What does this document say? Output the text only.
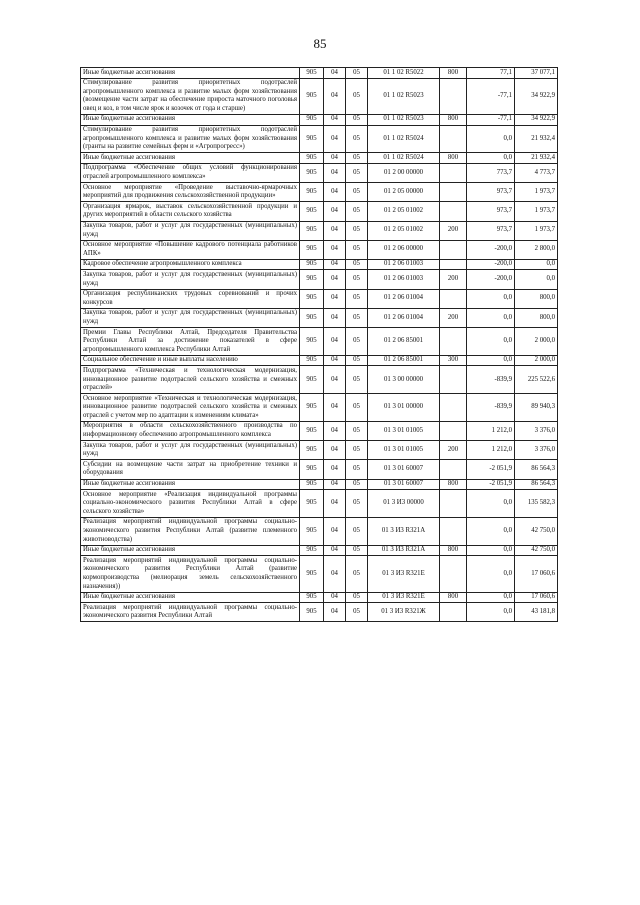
85
Иные бюджетные ассигнования	905	04	05	01 1 02 R5022	800	77,1	37 077,1
Стимулирование развития приоритетных подотраслей агропромышленного комплекса и развитие малых форм хозяйствования (возмещение части затрат на обеспечение прироста маточного поголовья овец и коз, в том числе ярок и козочек от года и старше)	905	04	05	01 1 02 R5023		-77,1	34 922,9
Иные бюджетные ассигнования	905	04	05	01 1 02 R5023	800	-77,1	34 922,9
Стимулирование развития приоритетных подотраслей агропромышленного комплекса и развитие малых форм хозяйствования (гранты на развитие семейных ферм и «Агропрогресс»)	905	04	05	01 1 02 R5024		0,0	21 932,4
Иные бюджетные ассигнования	905	04	05	01 1 02 R5024	800	0,0	21 932,4
Подпрограмма «Обеспечение общих условий функционирования отраслей агропромышленного комплекса»	905	04	05	01 2 00 00000		773,7	4 773,7
Основное мероприятие «Проведение выставочно-ярмарочных мероприятий для продвижения сельскохозяйственной продукции»	905	04	05	01 2 05 00000		973,7	1 973,7
Организация ярмарок, выставок сельскохозяйственной продукции и других мероприятий в области сельского хозяйства	905	04	05	01 2 05 01002		973,7	1 973,7
Закупка товаров, работ и услуг для государственных (муниципальных) нужд	905	04	05	01 2 05 01002	200	973,7	1 973,7
Основное мероприятие «Повышение кадрового потенциала работников АПК»	905	04	05	01 2 06 00000		-200,0	2 800,0
Кадровое обеспечение агропромышленного комплекса	905	04	05	01 2 06 01003		-200,0	0,0
Закупка товаров, работ и услуг для государственных (муниципальных) нужд	905	04	05	01 2 06 01003	200	-200,0	0,0
Организация республиканских трудовых соревнований и прочих конкурсов	905	04	05	01 2 06 01004		0,0	800,0
Закупка товаров, работ и услуг для государственных (муниципальных) нужд	905	04	05	01 2 06 01004	200	0,0	800,0
Премии Главы Республики Алтай, Председателя Правительства Республики Алтай за достижение показателей в сфере агропромышленного комплекса Республики Алтай	905	04	05	01 2 06 85001		0,0	2 000,0
Социальное обеспечение и иные выплаты населению	905	04	05	01 2 06 85001	300	0,0	2 000,0
Подпрограмма «Техническая и технологическая модернизация, инновационное развитие подотраслей сельского хозяйства и смежных отраслей»	905	04	05	01 3 00 00000		-839,9	225 522,6
Основное мероприятие «Техническая и технологическая модернизация, инновационное развитие подотраслей сельского хозяйства и смежных отраслей с учетом мер по адаптации к изменениям климата»	905	04	05	01 3 01 00000		-839,9	89 940,3
Мероприятия в области сельскохозяйственного производства по информационному обеспечению агропромышленного комплекса	905	04	05	01 3 01 01005		1 212,0	3 376,0
Закупка товаров, работ и услуг для государственных (муниципальных) нужд	905	04	05	01 3 01 01005	200	1 212,0	3 376,0
Субсидии на возмещение части затрат на приобретение техники и оборудования	905	04	05	01 3 01 60007		-2 051,9	86 564,3
Иные бюджетные ассигнования	905	04	05	01 3 01 60007	800	-2 051,9	86 564,3
Основное мероприятие «Реализация индивидуальной программы социально-экономического развития Республики Алтай в сфере сельского хозяйства»	905	04	05	01 3 И3 00000		0,0	135 582,3
Реализация мероприятий индивидуальной программы социально-экономического развития Республики Алтай (развитие племенного животноводства)	905	04	05	01 3 И3 R321А		0,0	42 750,0
Иные бюджетные ассигнования	905	04	05	01 3 И3 R321А	800	0,0	42 750,0
Реализация мероприятий индивидуальной программы социально-экономического развития Республики Алтай (развитие кормопроизводства (мелиорация земель сельскохозяйственного назначения))	905	04	05	01 3 И3 R321Е		0,0	17 060,6
Иные бюджетные ассигнования	905	04	05	01 3 И3 R321Е	800	0,0	17 060,6
Реализация мероприятий индивидуальной программы социально-экономического развития Республики Алтай	905	04	05	01 3 И3 R321Ж		0,0	43 181,8
